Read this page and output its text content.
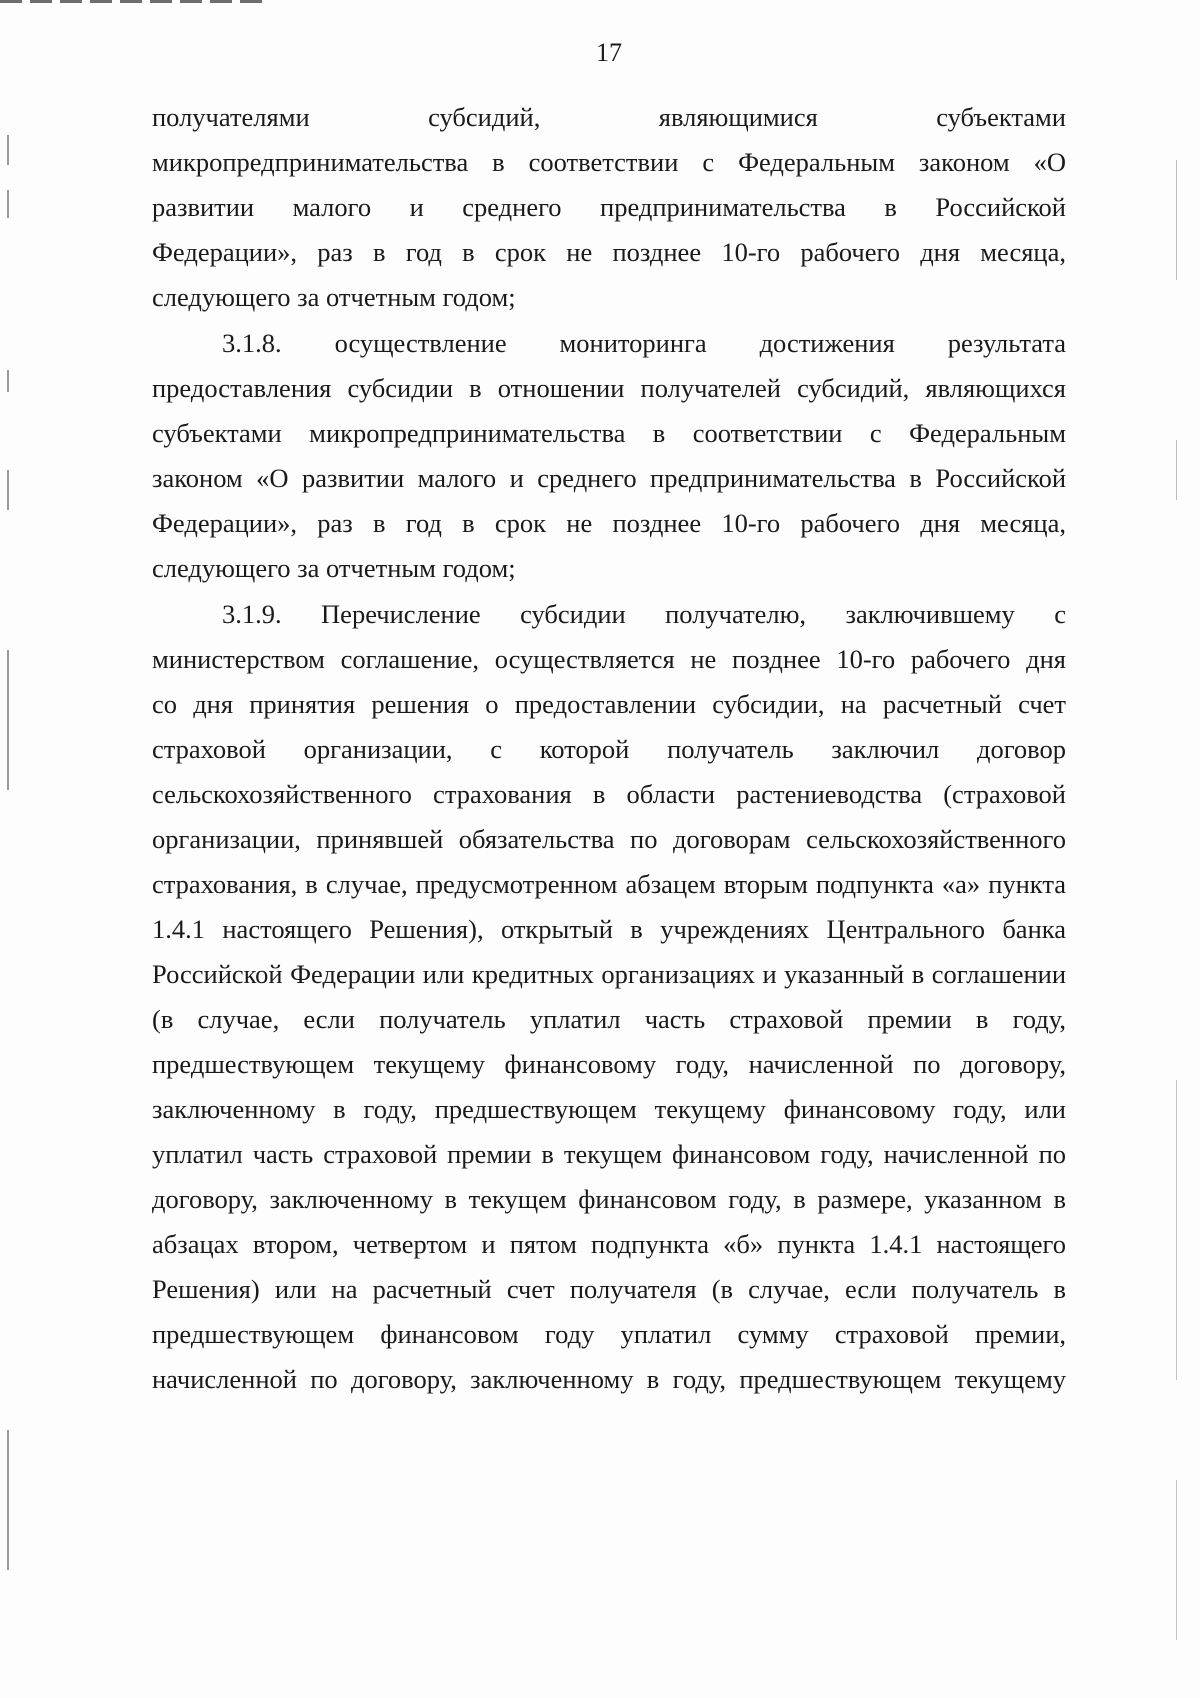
17
получателями субсидий, являющимися субъектами
микропредпринимательства в соответствии с Федеральным законом «О
развитии малого и среднего предпринимательства в Российской
Федерации», раз в год в срок не позднее 10-го рабочего дня месяца,
следующего за отчетным годом;
3.1.8. осуществление мониторинга достижения результата
предоставления субсидии в отношении получателей субсидий, являющихся
субъектами микропредпринимательства в соответствии с Федеральным
законом «О развитии малого и среднего предпринимательства в Российской
Федерации», раз в год в срок не позднее 10-го рабочего дня месяца,
следующего за отчетным годом;
3.1.9. Перечисление субсидии получателю, заключившему с
министерством соглашение, осуществляется не позднее 10-го рабочего дня
со дня принятия решения о предоставлении субсидии, на расчетный счет
страховой организации, с которой получатель заключил договор
сельскохозяйственного страхования в области растениеводства (страховой
организации, принявшей обязательства по договорам сельскохозяйственного
страхования, в случае, предусмотренном абзацем вторым подпункта «а» пункта
1.4.1 настоящего Решения), открытый в учреждениях Центрального банка
Российской Федерации или кредитных организациях и указанный в соглашении
(в случае, если получатель уплатил часть страховой премии в году,
предшествующем текущему финансовому году, начисленной по договору,
заключенному в году, предшествующем текущему финансовому году, или
уплатил часть страховой премии в текущем финансовом году, начисленной по
договору, заключенному в текущем финансовом году, в размере, указанном в
абзацах втором, четвертом и пятом подпункта «б» пункта 1.4.1 настоящего
Решения) или на расчетный счет получателя (в случае, если получатель в
предшествующем финансовом году уплатил сумму страховой премии,
начисленной по договору, заключенному в году, предшествующем текущему
